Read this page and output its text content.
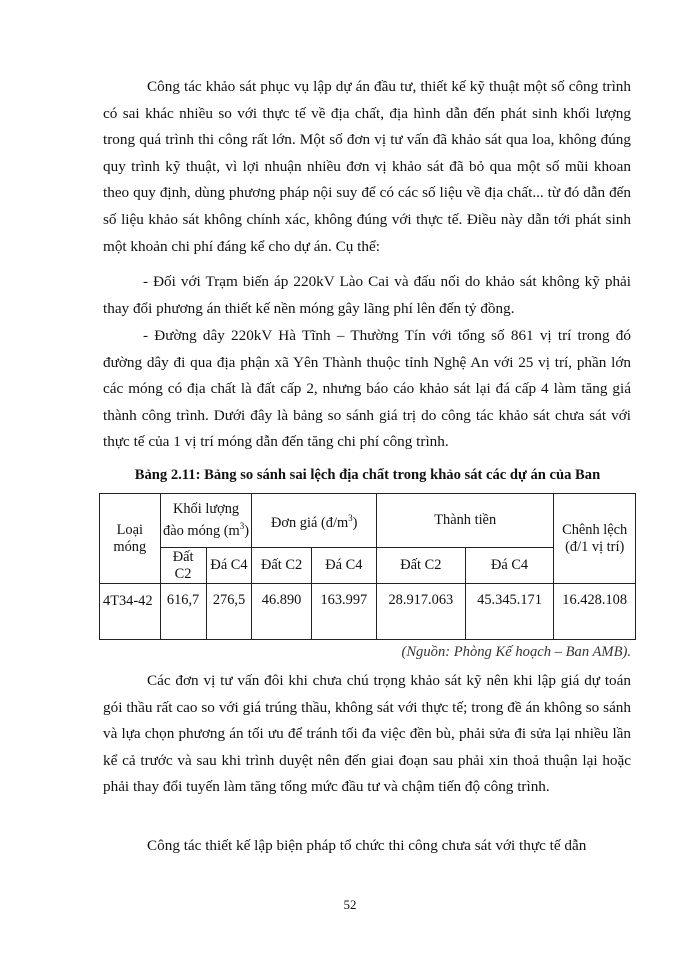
Công tác khảo sát phục vụ lập dự án đầu tư, thiết kế kỹ thuật một số công trình có sai khác nhiều so với thực tế về địa chất, địa hình dẫn đến phát sinh khối lượng trong quá trình thi công rất lớn. Một số đơn vị tư vấn đã khảo sát qua loa, không đúng quy trình kỹ thuật, vì lợi nhuận nhiều đơn vị khảo sát đã bỏ qua một số mũi khoan theo quy định, dùng phương pháp nội suy để có các số liệu về địa chất... từ đó dẫn đến số liệu khảo sát không chính xác, không đúng với thực tế. Điều này dẫn tới phát sinh một khoản chi phí đáng kể cho dự án. Cụ thể:

- Đối với Trạm biến áp 220kV Lào Cai và đấu nối do khảo sát không kỹ phải thay đổi phương án thiết kế nền móng gây lãng phí lên đến tỷ đồng.

- Đường dây 220kV Hà Tĩnh – Thường Tín với tổng số 861 vị trí trong đó đường dây đi qua địa phận xã Yên Thành thuộc tỉnh Nghệ An với 25 vị trí, phần lớn các móng có địa chất là đất cấp 2, nhưng báo cáo khảo sát lại đá cấp 4 làm tăng giá thành công trình. Dưới đây là bảng so sánh giá trị do công tác khảo sát chưa sát với thực tế của 1 vị trí móng dẫn đến tăng chi phí công trình.

Bảng 2.11: Bảng so sánh sai lệch địa chất trong khảo sát các dự án của Ban

Loại móng	Khối lượng đào móng $(m^3)$		Đơn giá $(đ/m^3)$		Thành tiền		Chênh lệch (đ/1 vị trí)
	Đất C2	Đá C4	Đất C2	Đá C4	Đất C2	Đá C4	
4T34-42	616,7	276,5	46.890	163.997	28.917.063	45.345.171	16.428.108

(Nguồn: Phòng Kế hoạch – Ban AMB).

Các đơn vị tư vấn đôi khi chưa chú trọng khảo sát kỹ nên khi lập giá dự toán gói thầu rất cao so với giá trúng thầu, không sát với thực tế; trong đề án không so sánh và lựa chọn phương án tối ưu để tránh tối đa việc đền bù, phải sửa đi sửa lại nhiều lần kể cả trước và sau khi trình duyệt nên đến giai đoạn sau phải xin thoả thuận lại hoặc phải thay đổi tuyến làm tăng tổng mức đầu tư và chậm tiến độ công trình.

Công tác thiết kế lập biện pháp tổ chức thi công chưa sát với thực tế dẫn

52
